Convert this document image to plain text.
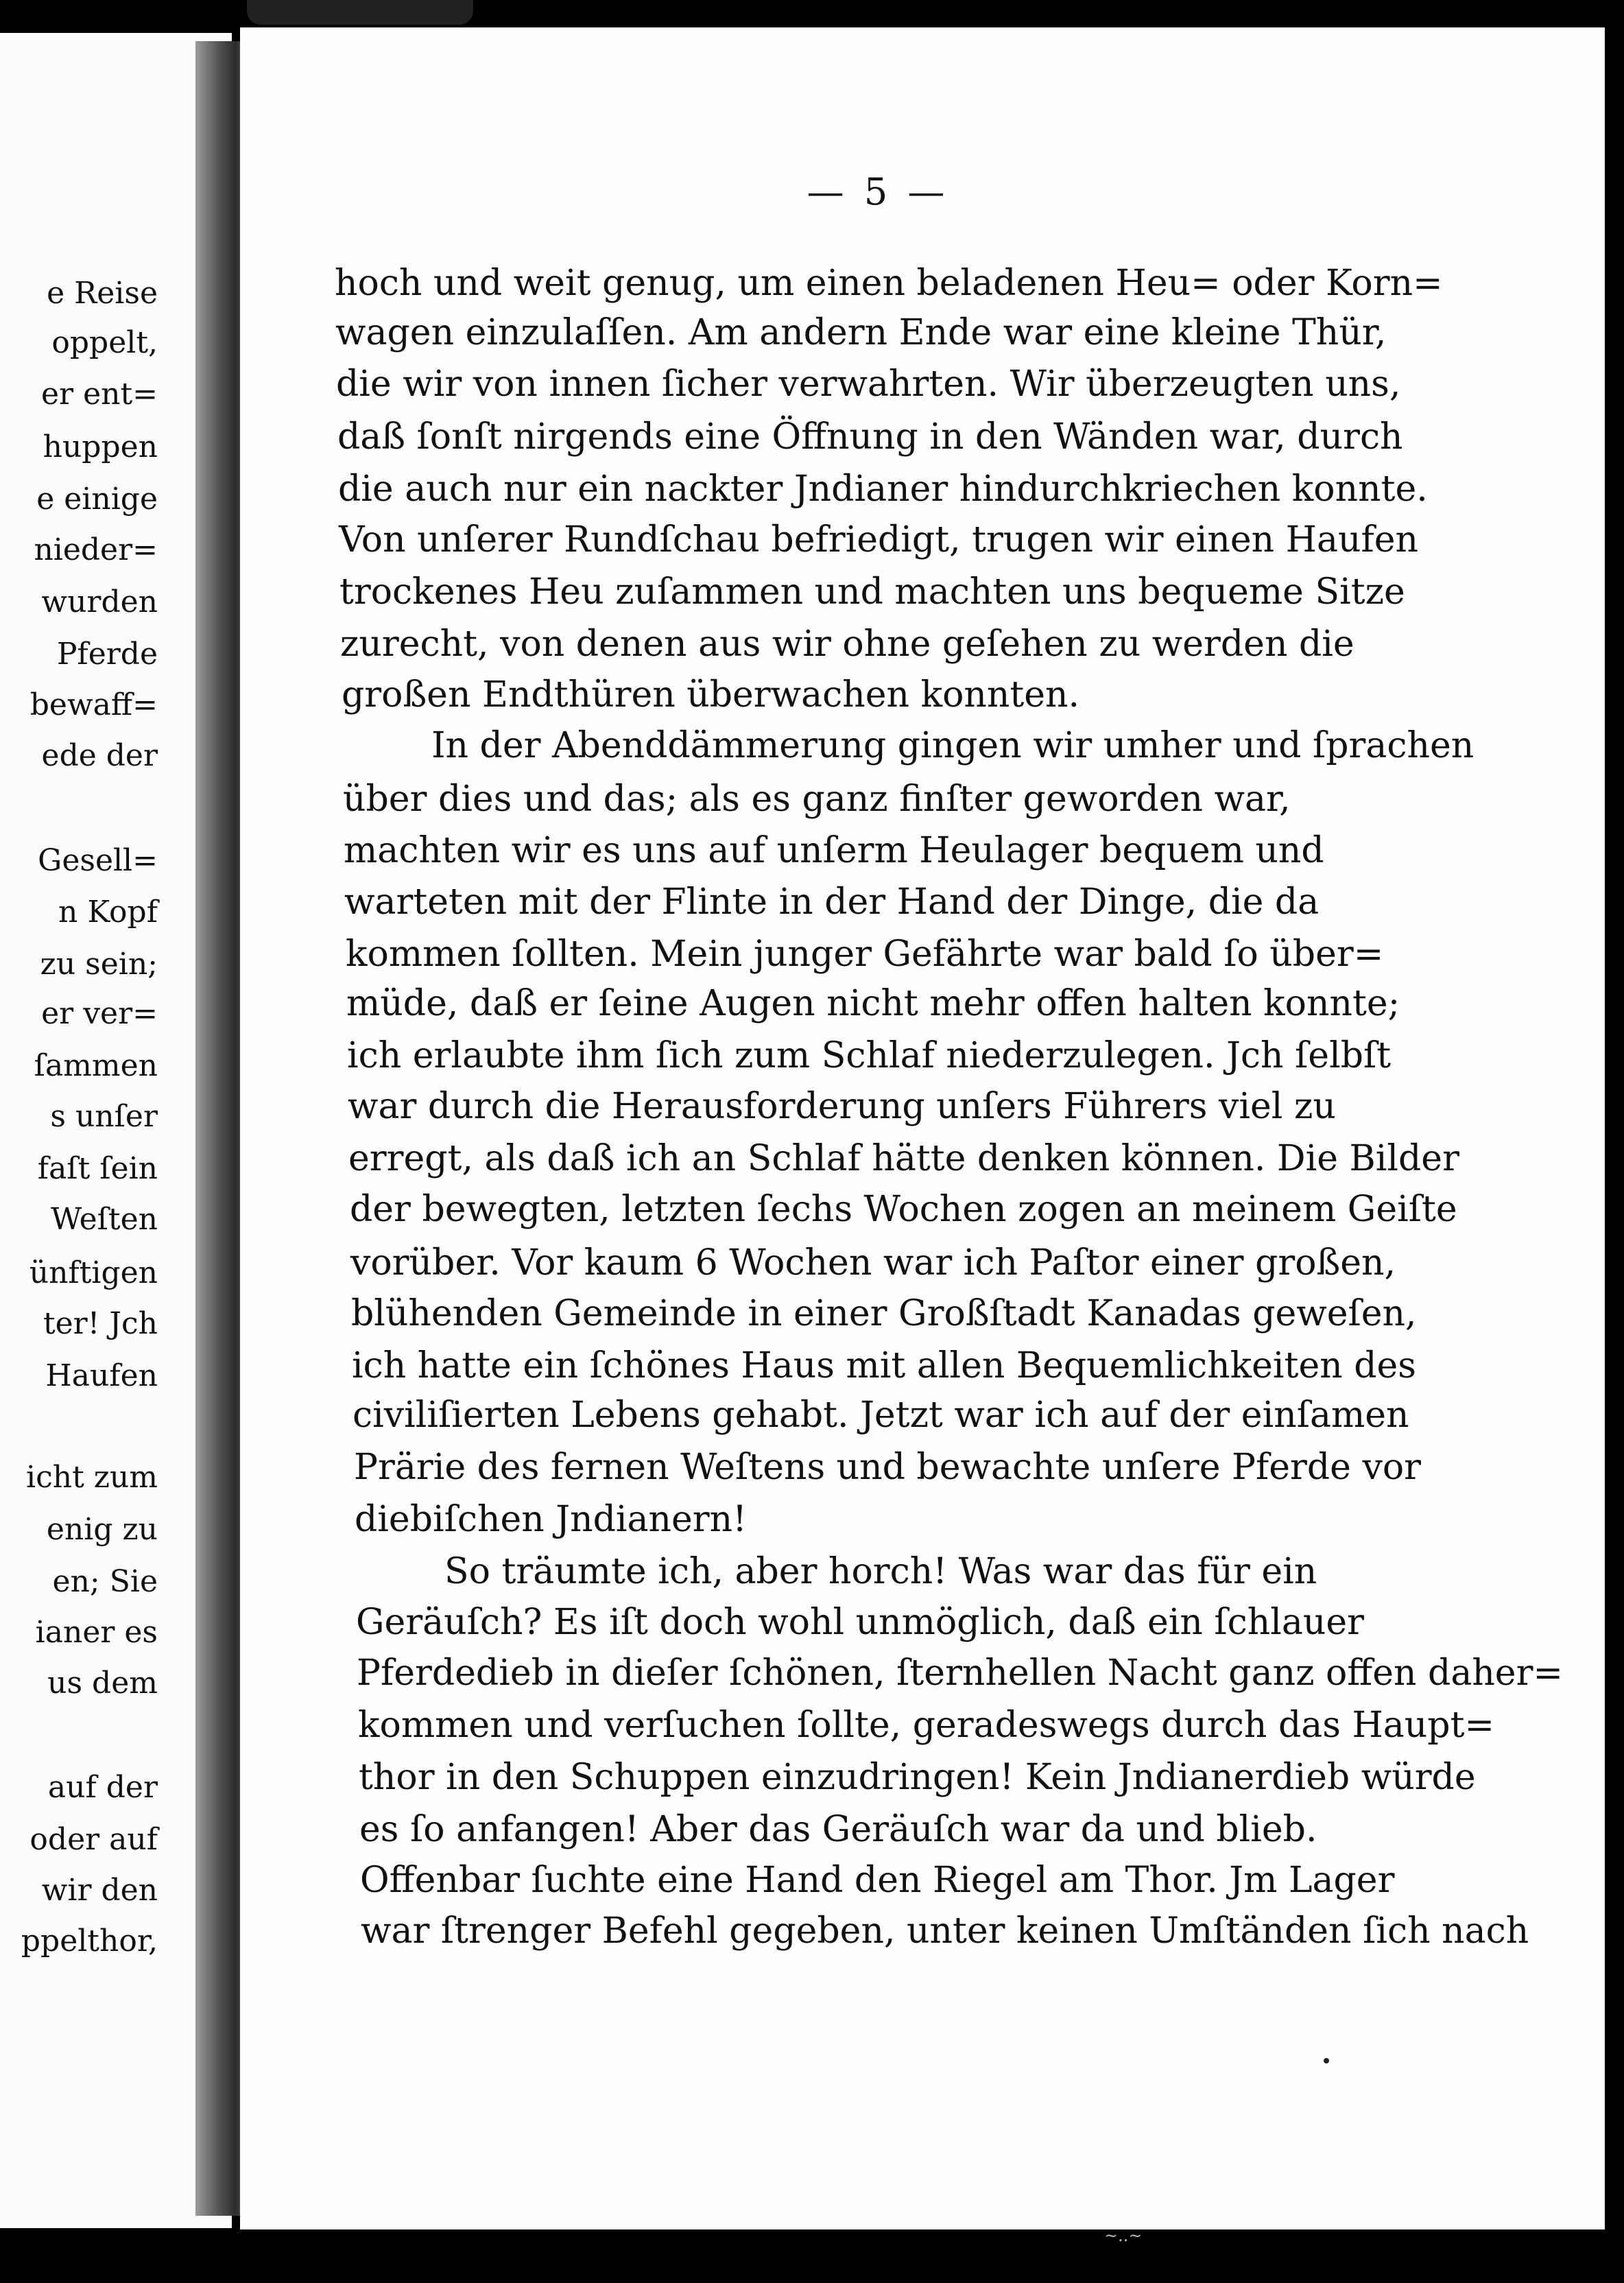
e Reise
oppelt,
er ent=
huppen
e einige
nieder=
wurden
Pferde
bewaff=
ede der
Gesell=
n Kopf
zu sein;
er ver=
ſammen
s unſer
faſt ſein
Weſten
ünftigen
ter! Jch
Haufen
icht zum
enig zu
en; Sie
ianer es
us dem
auf der
oder auf
wir den
ppelthor,
— 5 —
hoch und weit genug, um einen beladenen Heu= oder Korn=
wagen einzulaſſen. Am andern Ende war eine kleine Thür,
die wir von innen ſicher verwahrten. Wir überzeugten uns,
daß ſonſt nirgends eine Öffnung in den Wänden war, durch
die auch nur ein nackter Jndianer hindurchkriechen konnte.
Von unſerer Rundſchau befriedigt, trugen wir einen Haufen
trockenes Heu zuſammen und machten uns bequeme Sitze
zurecht, von denen aus wir ohne geſehen zu werden die
großen Endthüren überwachen konnten.
In der Abenddämmerung gingen wir umher und ſprachen
über dies und das; als es ganz finſter geworden war,
machten wir es uns auf unſerm Heulager bequem und
warteten mit der Flinte in der Hand der Dinge, die da
kommen ſollten. Mein junger Gefährte war bald ſo über=
müde, daß er ſeine Augen nicht mehr offen halten konnte;
ich erlaubte ihm ſich zum Schlaf niederzulegen. Jch ſelbſt
war durch die Herausforderung unſers Führers viel zu
erregt, als daß ich an Schlaf hätte denken können. Die Bilder
der bewegten, letzten ſechs Wochen zogen an meinem Geiſte
vorüber. Vor kaum 6 Wochen war ich Paſtor einer großen,
blühenden Gemeinde in einer Großſtadt Kanadas geweſen,
ich hatte ein ſchönes Haus mit allen Bequemlichkeiten des
civiliſierten Lebens gehabt. Jetzt war ich auf der einſamen
Prärie des fernen Weſtens und bewachte unſere Pferde vor
diebiſchen Jndianern!
So träumte ich, aber horch! Was war das für ein
Geräuſch? Es iſt doch wohl unmöglich, daß ein ſchlauer
Pferdedieb in dieſer ſchönen, ſternhellen Nacht ganz offen daher=
kommen und verſuchen ſollte, geradeswegs durch das Haupt=
thor in den Schuppen einzudringen! Kein Jndianerdieb würde
es ſo anfangen! Aber das Geräuſch war da und blieb.
Offenbar ſuchte eine Hand den Riegel am Thor. Jm Lager
war ſtrenger Befehl gegeben, unter keinen Umſtänden ſich nach
~..~
